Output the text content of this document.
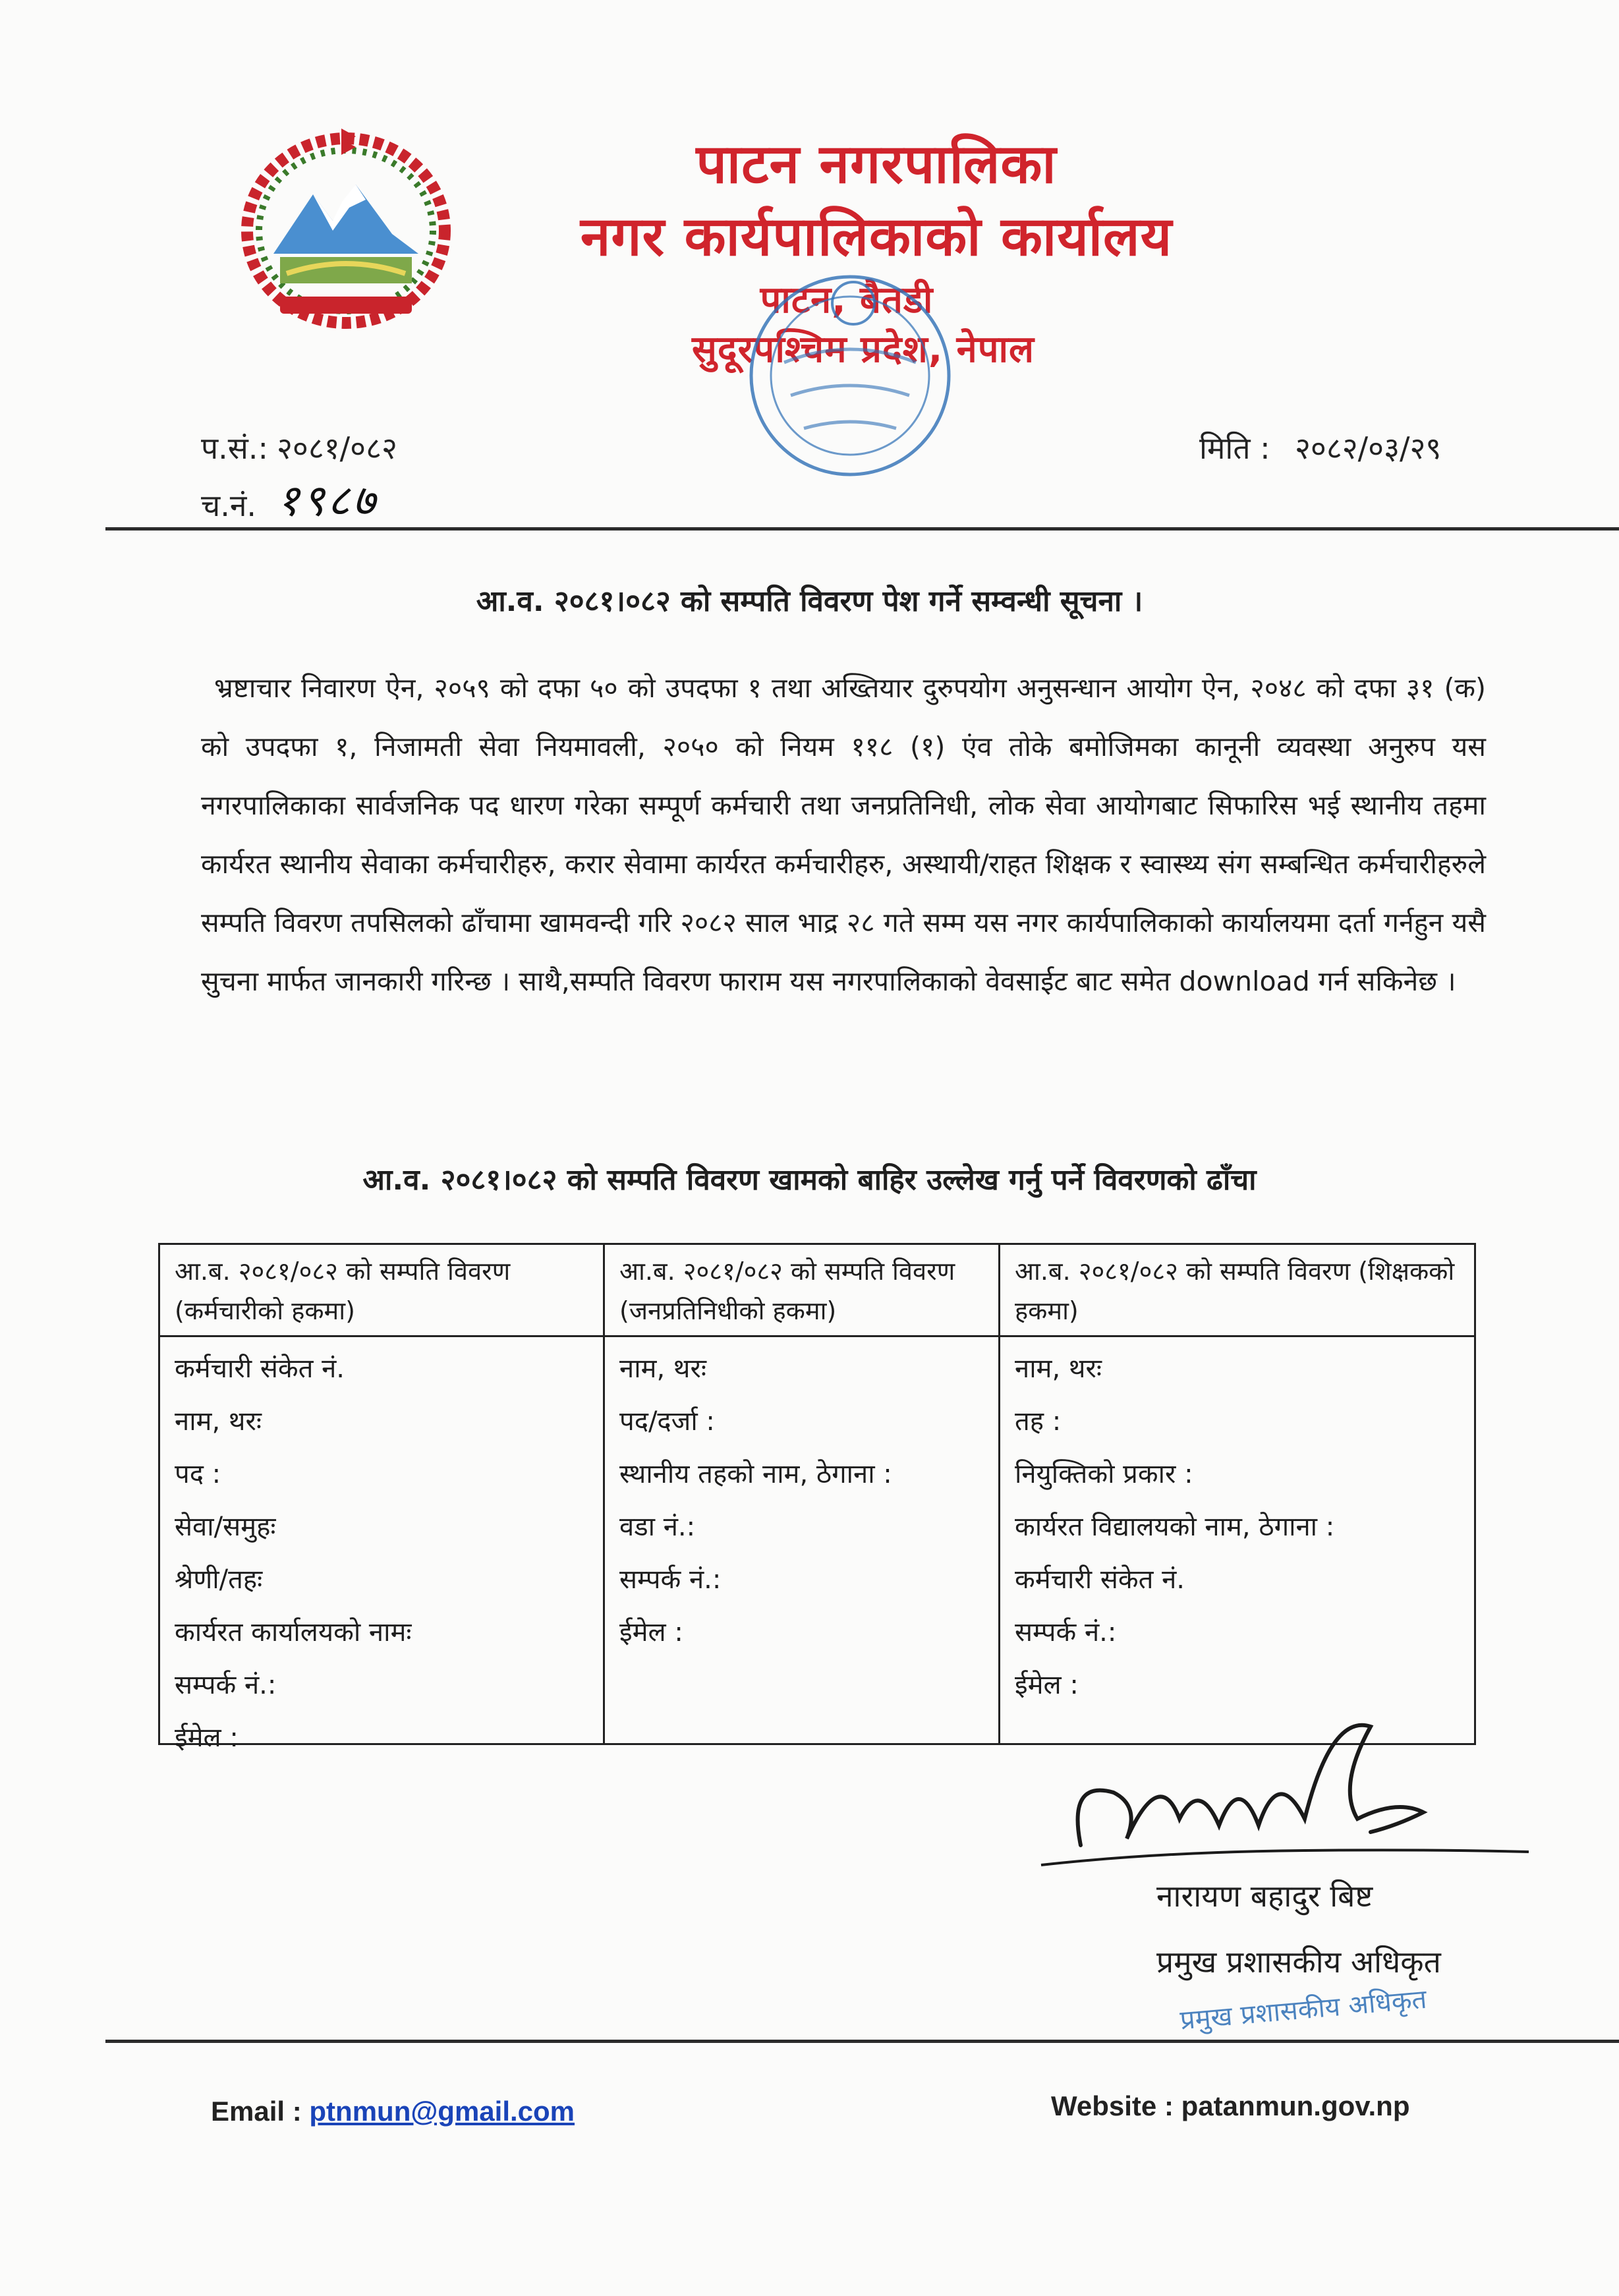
पाटन नगरपालिका
नगर कार्यपालिकाको कार्यालय
पाटन, बैतडी
सुदूरपश्चिम प्रदेश, नेपाल
प.सं.: २०८१/०८२
च.नं. १९८७
मिति : २०८२/०३/२९
आ.व. २०८१।०८२ को सम्पति विवरण पेश गर्ने सम्वन्धी सूचना ।
भ्रष्टाचार निवारण ऐन, २०५९ को दफा ५० को उपदफा १ तथा अख्तियार दुरुपयोग अनुसन्धान आयोग ऐन, २०४८ को दफा ३१ (क) को उपदफा १, निजामती सेवा नियमावली, २०५० को नियम ११८ (१) एंव तोके बमोजिमका कानूनी व्यवस्था अनुरुप यस नगरपालिकाका सार्वजनिक पद धारण गरेका सम्पूर्ण कर्मचारी तथा जनप्रतिनिधी, लोक सेवा आयोगबाट सिफारिस भई स्थानीय तहमा कार्यरत स्थानीय सेवाका कर्मचारीहरु, करार सेवामा कार्यरत कर्मचारीहरु, अस्थायी/राहत शिक्षक र स्वास्थ्य संग सम्बन्धित कर्मचारीहरुले सम्पति विवरण तपसिलको ढाँचामा खामवन्दी गरि २०८२ साल भाद्र २८ गते सम्म यस नगर कार्यपालिकाको कार्यालयमा दर्ता गर्नहुन यसै सुचना मार्फत जानकारी गरिन्छ । साथै,सम्पति विवरण फाराम यस नगरपालिकाको वेवसाईट बाट समेत download गर्न सकिनेछ ।
आ.व. २०८१।०८२ को सम्पति विवरण खामको बाहिर उल्लेख गर्नु पर्ने विवरणको ढाँचा
आ.ब. २०८१/०८२ को सम्पति विवरण (कर्मचारीको हकमा)
कर्मचारी संकेत नं.
नाम, थरः
पद :
सेवा/समुहः
श्रेणी/तहः
कार्यरत कार्यालयको नामः
सम्पर्क नं.:
ईमेल :
आ.ब. २०८१/०८२ को सम्पति विवरण (जनप्रतिनिधीको हकमा)
नाम, थरः
पद/दर्जा :
स्थानीय तहको नाम, ठेगाना :
वडा नं.:
सम्पर्क नं.:
ईमेल :
आ.ब. २०८१/०८२ को सम्पति विवरण (शिक्षकको हकमा)
नाम, थरः
तह :
नियुक्तिको प्रकार :
कार्यरत विद्यालयको नाम, ठेगाना :
कर्मचारी संकेत नं.
सम्पर्क नं.:
ईमेल :
नारायण बहादुर बिष्ट
प्रमुख प्रशासकीय अधिकृत
प्रमुख प्रशासकीय अधिकृत
Email : ptnmun@gmail.com	Website : patanmun.gov.np
